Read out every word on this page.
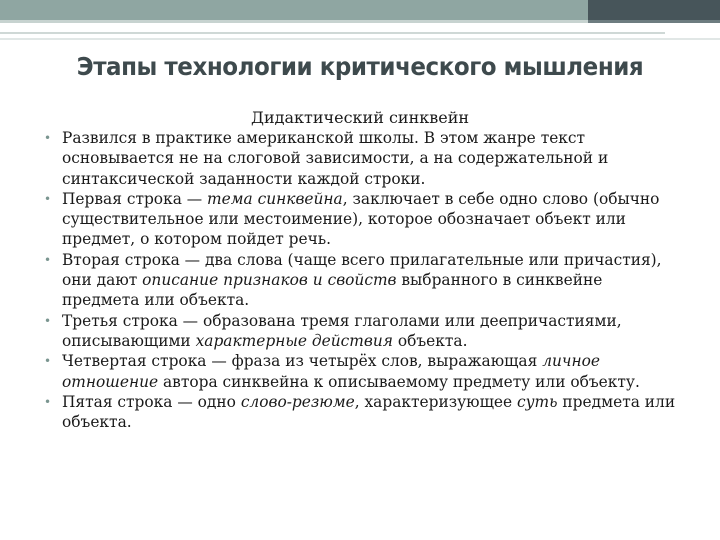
Этапы технологии критического мышления
Дидактический синквейн
• Развился в практике американской школы. В этом жанре текст основывается не на слоговой зависимости, а на содержательной и синтаксической заданности каждой строки.
• Первая строка — тема синквейна, заключает в себе одно слово (обычно существительное или местоимение), которое обозначает объект или предмет, о котором пойдет речь.
• Вторая строка — два слова (чаще всего прилагательные или причастия), они дают описание признаков и свойств выбранного в синквейне предмета или объекта.
• Третья строка — образована тремя глаголами или деепричастиями, описывающими характерные действия объекта.
• Четвертая строка — фраза из четырёх слов, выражающая личное отношение автора синквейна к описываемому предмету или объекту.
• Пятая строка — одно слово-резюме, характеризующее суть предмета или объекта.
